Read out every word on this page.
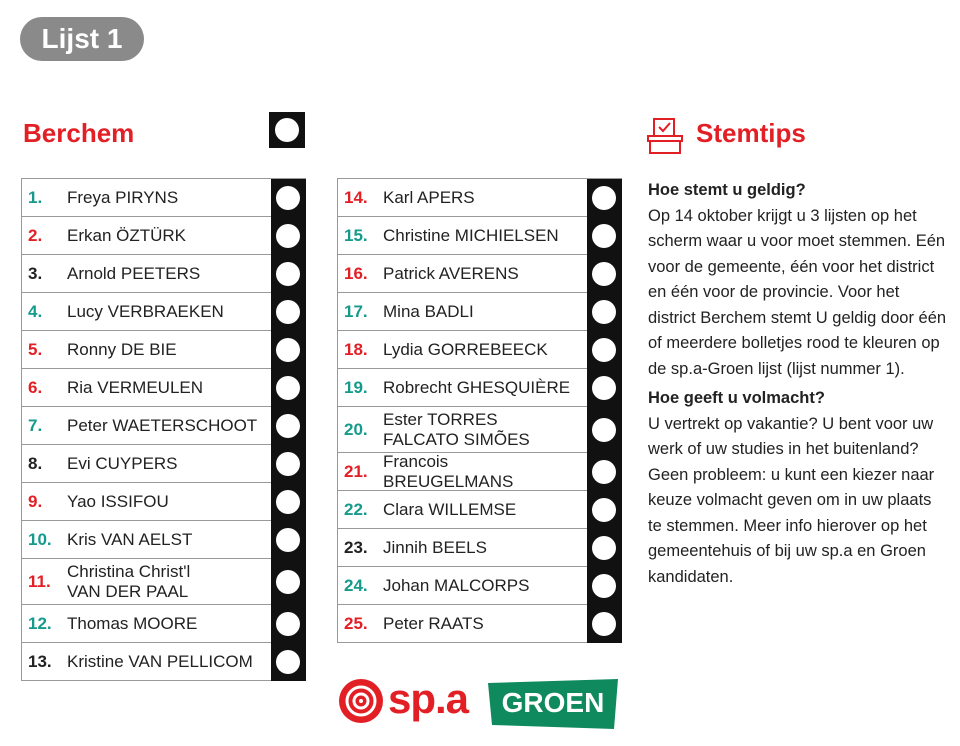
Lijst 1
Berchem
1. Freya PIRYNS
2. Erkan ÖZTÜRK
3. Arnold PEETERS
4. Lucy VERBRAEKEN
5. Ronny DE BIE
6. Ria VERMEULEN
7. Peter WAETERSCHOOT
8. Evi CUYPERS
9. Yao ISSIFOU
10. Kris VAN AELST
11.
Christina Christ'l
VAN DER PAAL
12. Thomas MOORE
13. Kristine VAN PELLICOM
14. Karl APERS
15. Christine MICHIELSEN
16. Patrick AVERENS
17. Mina BADLI
18. Lydia GORREBEECK
19. Robrecht GHESQUIÈRE
20.
Ester TORRES
FALCATO SIMÕES
21.
Francois BREUGELMANS
22. Clara WILLEMSE
23. Jinnih BEELS
24. Johan MALCORPS
25. Peter RAATS
Stemtips
Hoe stemt u geldig?

Op 14 oktober krijgt u 3 lijsten op het scherm waar u voor moet stemmen. Eén voor de gemeente, één voor het district en één voor de provincie. Voor het district Berchem stemt U geldig door één of meerdere bolletjes rood te kleuren op de sp.a-Groen lijst (lijst nummer 1).

Hoe geeft u volmacht?

U vertrekt op vakantie? U bent voor uw werk of uw studies in het buitenland? Geen probleem: u kunt een kiezer naar keuze volmacht geven om in uw plaats te stemmen. Meer info hierover op het gemeentehuis of bij uw sp.a en Groen kandidaten.

sp.a	GROEN
